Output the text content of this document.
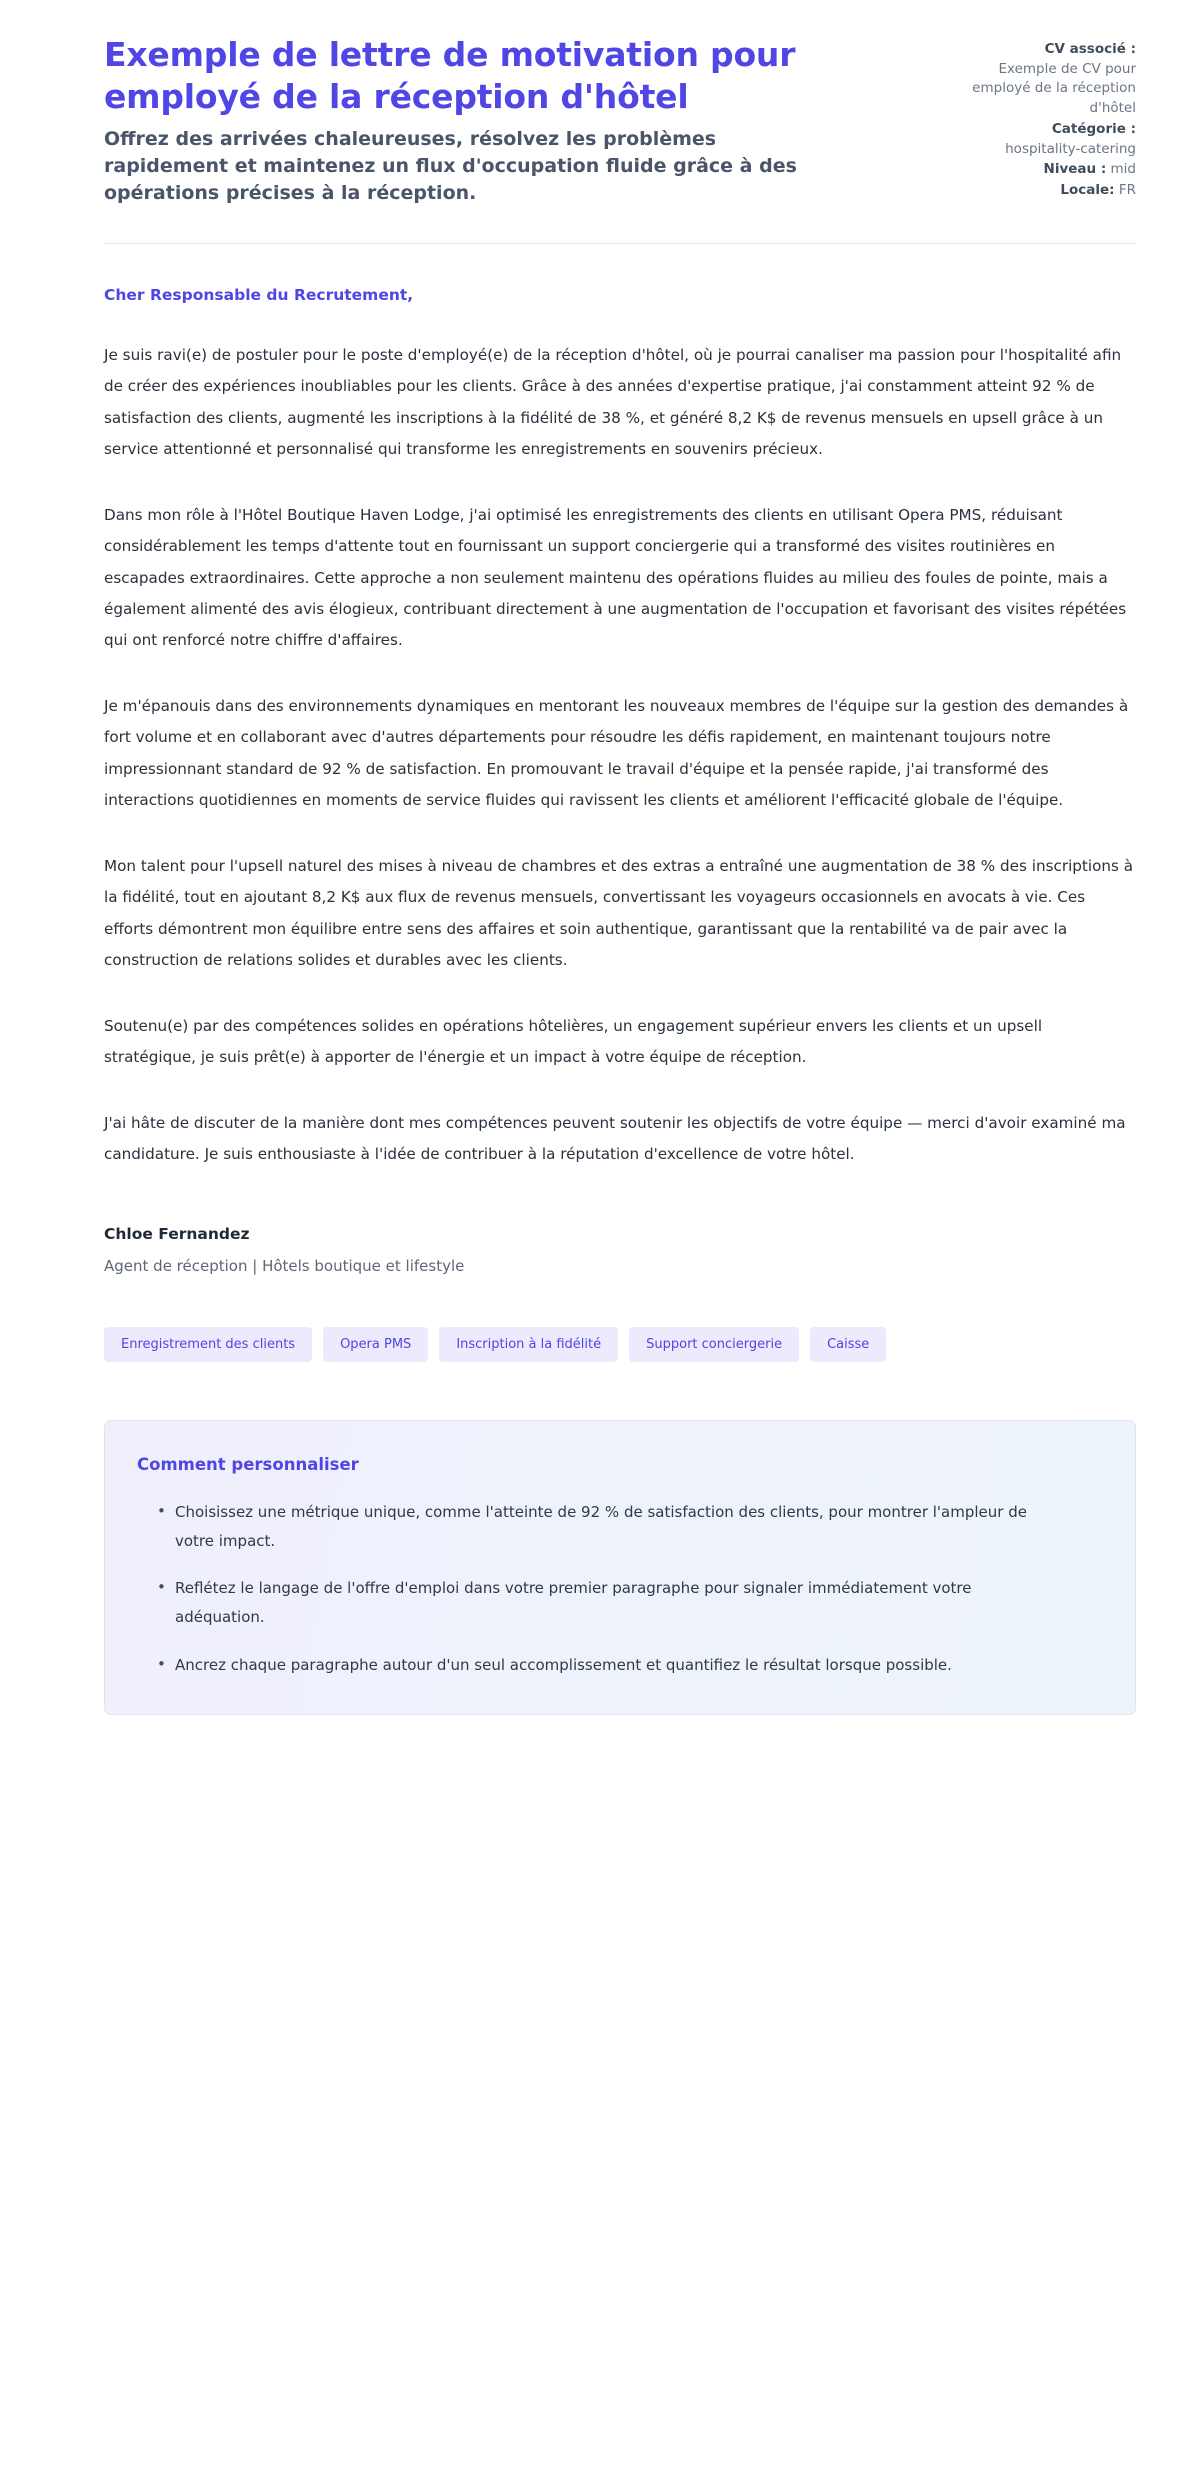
Exemple de lettre de motivation pour employé de la réception d'hôtel

Offrez des arrivées chaleureuses, résolvez les problèmes rapidement et maintenez un flux d'occupation fluide grâce à des opérations précises à la réception.

CV associé :
Exemple de CV pour employé de la réception d'hôtel
Catégorie :
hospitality-catering
Niveau : mid
Locale: FR

Cher Responsable du Recrutement,

Je suis ravi(e) de postuler pour le poste d'employé(e) de la réception d'hôtel, où je pourrai canaliser ma passion pour l'hospitalité afin de créer des expériences inoubliables pour les clients. Grâce à des années d'expertise pratique, j'ai constamment atteint 92 % de satisfaction des clients, augmenté les inscriptions à la fidélité de 38 %, et généré 8,2 K$ de revenus mensuels en upsell grâce à un service attentionné et personnalisé qui transforme les enregistrements en souvenirs précieux.

Dans mon rôle à l'Hôtel Boutique Haven Lodge, j'ai optimisé les enregistrements des clients en utilisant Opera PMS, réduisant considérablement les temps d'attente tout en fournissant un support conciergerie qui a transformé des visites routinières en escapades extraordinaires. Cette approche a non seulement maintenu des opérations fluides au milieu des foules de pointe, mais a également alimenté des avis élogieux, contribuant directement à une augmentation de l'occupation et favorisant des visites répétées qui ont renforcé notre chiffre d'affaires.

Je m'épanouis dans des environnements dynamiques en mentorant les nouveaux membres de l'équipe sur la gestion des demandes à fort volume et en collaborant avec d'autres départements pour résoudre les défis rapidement, en maintenant toujours notre impressionnant standard de 92 % de satisfaction. En promouvant le travail d'équipe et la pensée rapide, j'ai transformé des interactions quotidiennes en moments de service fluides qui ravissent les clients et améliorent l'efficacité globale de l'équipe.

Mon talent pour l'upsell naturel des mises à niveau de chambres et des extras a entraîné une augmentation de 38 % des inscriptions à la fidélité, tout en ajoutant 8,2 K$ aux flux de revenus mensuels, convertissant les voyageurs occasionnels en avocats à vie. Ces efforts démontrent mon équilibre entre sens des affaires et soin authentique, garantissant que la rentabilité va de pair avec la construction de relations solides et durables avec les clients.

Soutenu(e) par des compétences solides en opérations hôtelières, un engagement supérieur envers les clients et un upsell stratégique, je suis prêt(e) à apporter de l'énergie et un impact à votre équipe de réception.

J'ai hâte de discuter de la manière dont mes compétences peuvent soutenir les objectifs de votre équipe — merci d'avoir examiné ma candidature. Je suis enthousiaste à l'idée de contribuer à la réputation d'excellence de votre hôtel.

Chloe Fernandez

Agent de réception | Hôtels boutique et lifestyle

Enregistrement des clients	Opera PMS	Inscription à la fidélité	Support conciergerie	Caisse

Comment personnaliser

• Choisissez une métrique unique, comme l'atteinte de 92 % de satisfaction des clients, pour montrer l'ampleur de votre impact.
• Reflétez le langage de l'offre d'emploi dans votre premier paragraphe pour signaler immédiatement votre adéquation.
• Ancrez chaque paragraphe autour d'un seul accomplissement et quantifiez le résultat lorsque possible.
